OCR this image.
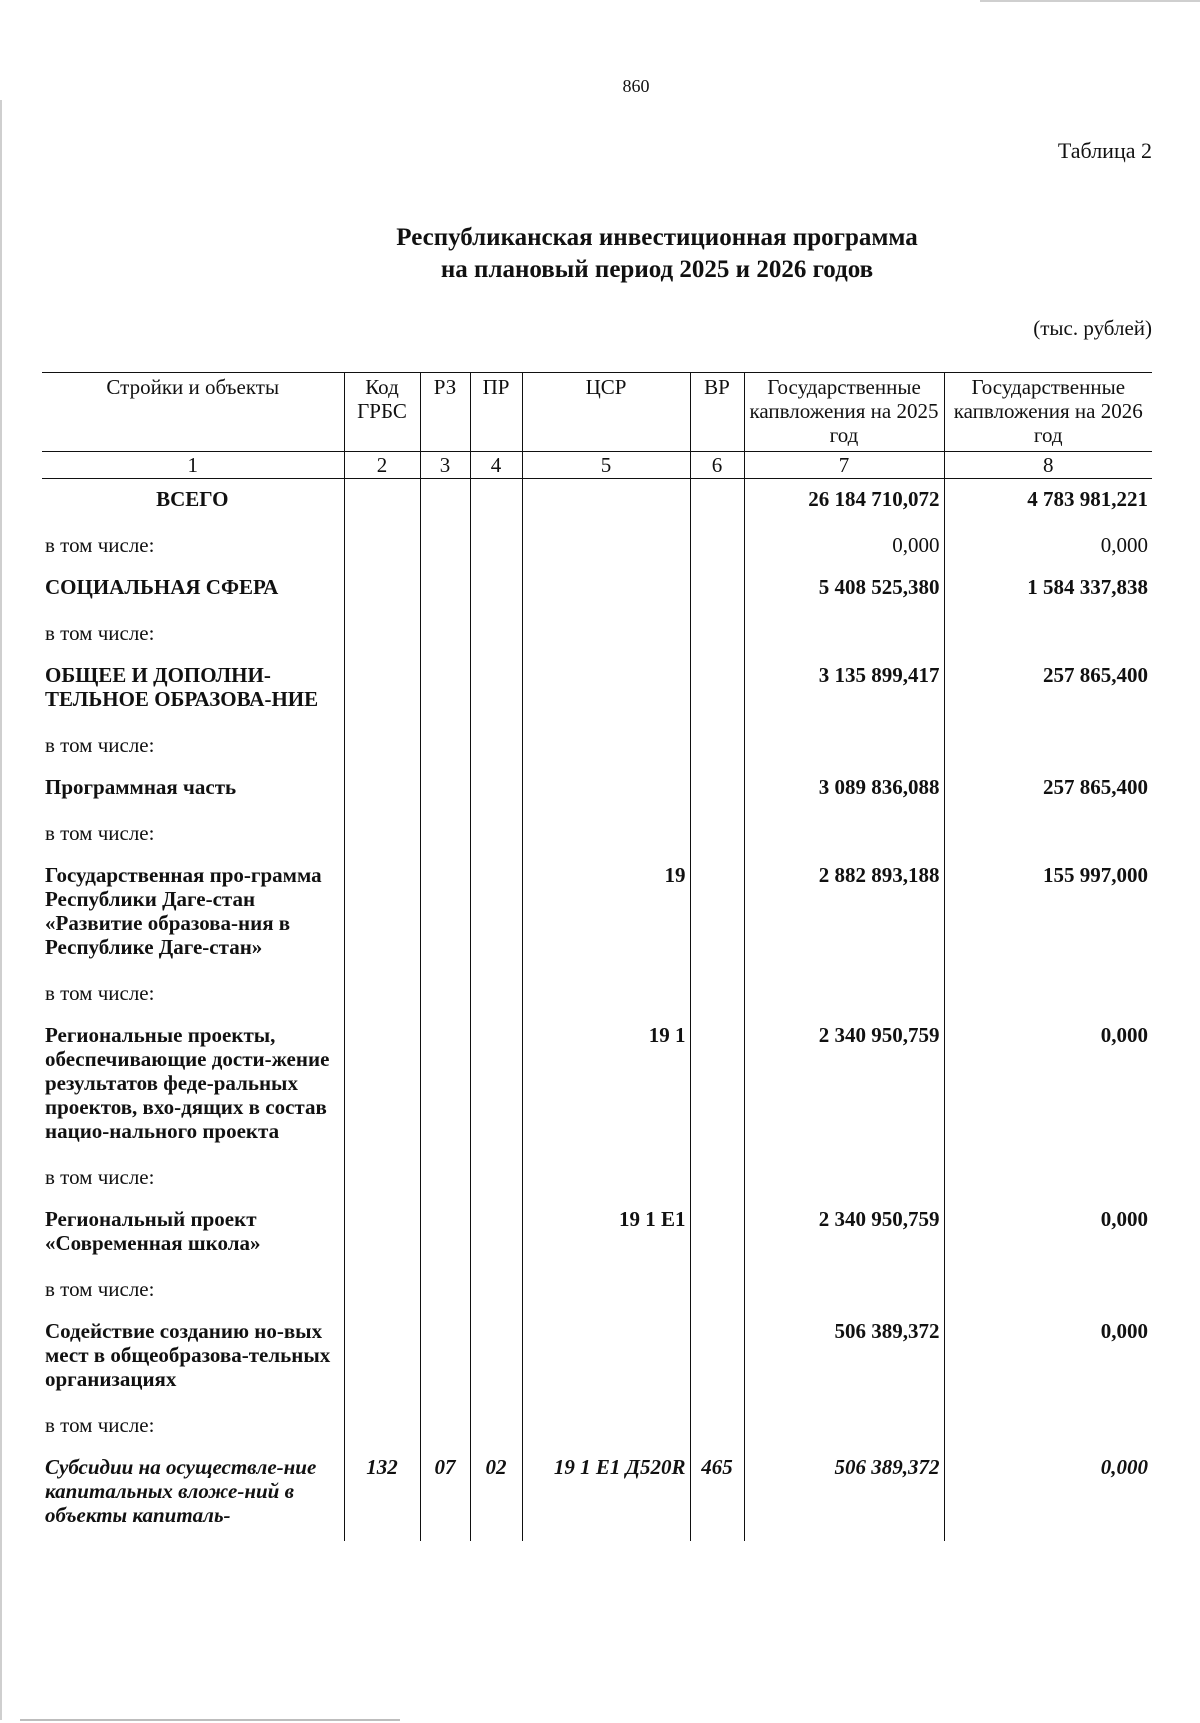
860
Таблица 2
Республиканская инвестиционная программа
на плановый период 2025 и 2026 годов
(тыс. рублей)
Стройки и объекты	Код ГРБС	РЗ	ПР	ЦСР	ВР	Государственные капвложения на 2025 год	Государственные капвложения на 2026 год
1	2	3	4	5	6	7	8
ВСЕГО						26 184 710,072	4 783 981,221
в том числе:						0,000	0,000
СОЦИАЛЬНАЯ СФЕРА						5 408 525,380	1 584 337,838
в том числе:							
ОБЩЕЕ И ДОПОЛНИ-ТЕЛЬНОЕ ОБРАЗОВА-НИЕ						3 135 899,417	257 865,400
в том числе:							
Программная часть						3 089 836,088	257 865,400
в том числе:							
Государственная про-грамма Республики Даге-стан «Развитие образова-ния в Республике Даге-стан»				19		2 882 893,188	155 997,000
в том числе:							
Региональные проекты, обеспечивающие дости-жение результатов феде-ральных проектов, вхо-дящих в состав нацио-нального проекта				19 1		2 340 950,759	0,000
в том числе:							
Региональный проект «Современная школа»				19 1 E1		2 340 950,759	0,000
в том числе:							
Содействие созданию но-вых мест в общеобразова-тельных организациях						506 389,372	0,000
в том числе:							
Субсидии на осуществле-ние капитальных вложе-ний в объекты капиталь-	132	07	02	19 1 E1 Д520R	465	506 389,372	0,000
